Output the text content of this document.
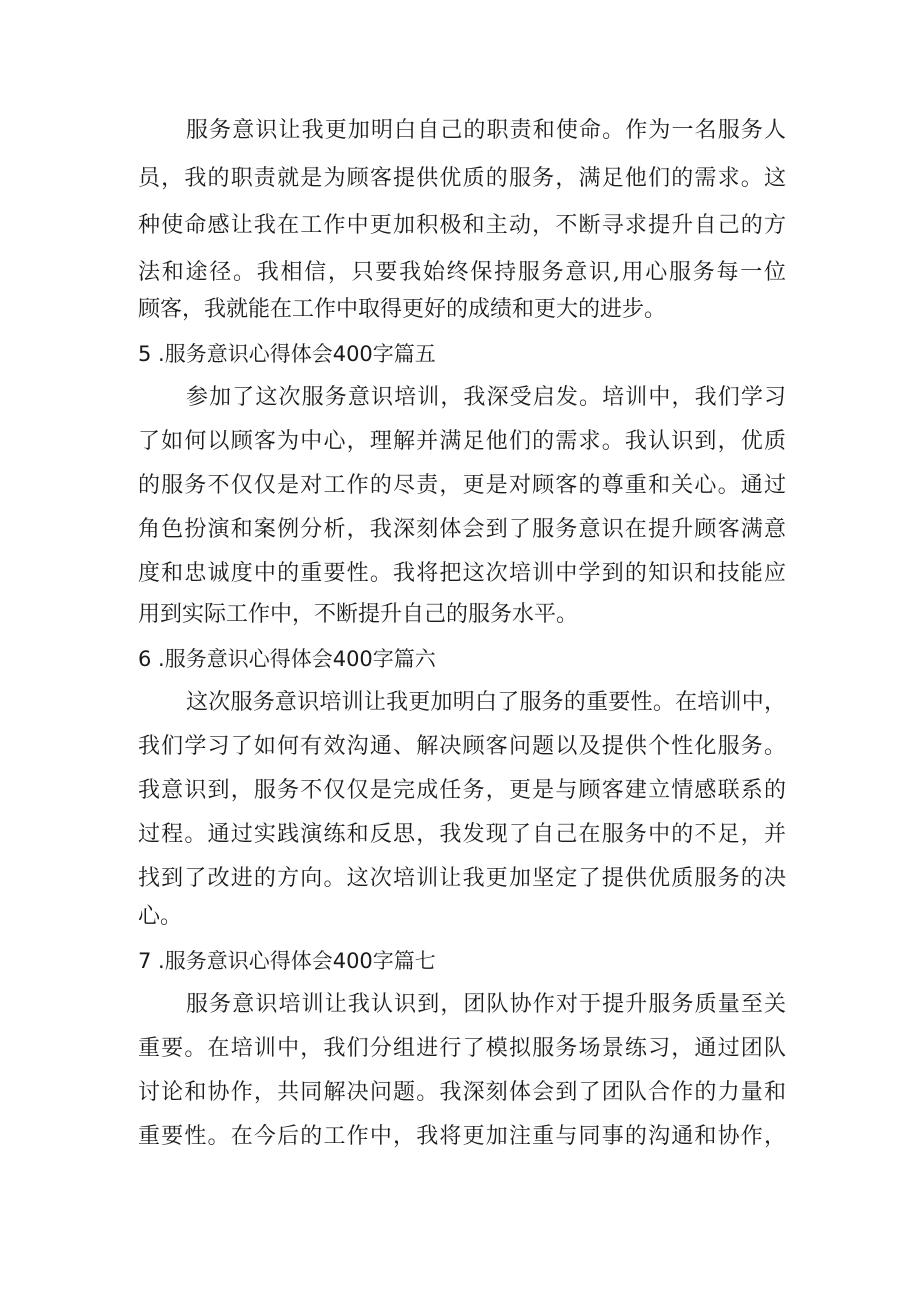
服务意识让我更加明白自己的职责和使命。作为一名服务人
员，我的职责就是为顾客提供优质的服务，满足他们的需求。这
种使命感让我在工作中更加积极和主动，不断寻求提升自己的方
法和途径。我相信，只要我始终保持服务意识,用心服务每一位
顾客，我就能在工作中取得更好的成绩和更大的进步。
5 .服务意识心得体会400字篇五
参加了这次服务意识培训，我深受启发。培训中，我们学习
了如何以顾客为中心，理解并满足他们的需求。我认识到，优质
的服务不仅仅是对工作的尽责，更是对顾客的尊重和关心。通过
角色扮演和案例分析，我深刻体会到了服务意识在提升顾客满意
度和忠诚度中的重要性。我将把这次培训中学到的知识和技能应
用到实际工作中，不断提升自己的服务水平。
6 .服务意识心得体会400字篇六
这次服务意识培训让我更加明白了服务的重要性。在培训中，
我们学习了如何有效沟通、解决顾客问题以及提供个性化服务。
我意识到，服务不仅仅是完成任务，更是与顾客建立情感联系的
过程。通过实践演练和反思，我发现了自己在服务中的不足，并
找到了改进的方向。这次培训让我更加坚定了提供优质服务的决
心。
7 .服务意识心得体会400字篇七
服务意识培训让我认识到，团队协作对于提升服务质量至关
重要。在培训中，我们分组进行了模拟服务场景练习，通过团队
讨论和协作，共同解决问题。我深刻体会到了团队合作的力量和
重要性。在今后的工作中，我将更加注重与同事的沟通和协作，
